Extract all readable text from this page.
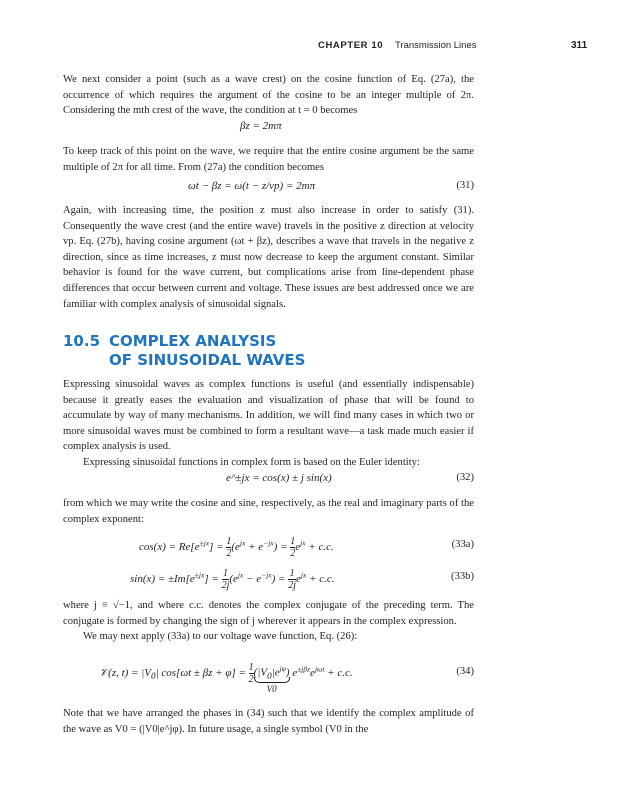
CHAPTER 10 Transmission Lines	311

We next consider a point (such as a wave crest) on the cosine function of Eq. (27a), the occurrence of which requires the argument of the cosine to be an integer multiple of 2π. Considering the mth crest of the wave, the condition at t = 0 becomes

βz = 2mπ

To keep track of this point on the wave, we require that the entire cosine argument be the same multiple of 2π for all time. From (27a) the condition becomes

ωt − βz = ω(t − z/vp) = 2mπ	(31)

Again, with increasing time, the position z must also increase in order to satisfy (31). Consequently the wave crest (and the entire wave) travels in the positive z direction at velocity vp. Eq. (27b), having cosine argument (ωt + βz), describes a wave that travels in the negative z direction, since as time increases, z must now decrease to keep the argument constant. Similar behavior is found for the wave current, but complications arise from line-dependent phase differences that occur between current and voltage. These issues are best addressed once we are familiar with complex analysis of sinusoidal signals.

10.5 COMPLEX ANALYSIS
OF SINUSOIDAL WAVES

Expressing sinusoidal waves as complex functions is useful (and essentially indispensable) because it greatly eases the evaluation and visualization of phase that will be found to accumulate by way of many mechanisms. In addition, we will find many cases in which two or more sinusoidal waves must be combined to form a resultant wave—a task made much easier if complex analysis is used.

Expressing sinusoidal functions in complex form is based on the Euler identity:

e^±jx = cos(x) ± j sin(x)	(32)

from which we may write the cosine and sine, respectively, as the real and imaginary parts of the complex exponent:

$\cos(x) = Re[e^{\pm jx}] = \frac{1}{2} (e^{jx} + e^{-jx}) = \frac{1}{2} e^{jx} + c.c$.	(33a)
$\sin(x) = \pm Im[e^{\pm jx}] = \frac{1}{2j} (e^{jx} - e^{-jx}) = \frac{1}{2j} e^{jx} + c.c$.	(33b)

where j ≡ √−1, and where c.c. denotes the complex conjugate of the preceding term. The conjugate is formed by changing the sign of j wherever it appears in the complex expression.

We may next apply (33a) to our voltage wave function, Eq. (26):

𝒱(z, $t) = |V_0|$ $\cos[\omega t \pm \beta z + \varphi] = \frac{1}{2} (|V_0|e^{j\varphi})$
V0
$e^{\pm j\beta z}e^{j\omega t} + c.c$.	(34)

Note that we have arranged the phases in (34) such that we identify the complex amplitude of the wave as V0 = (|V0|e^jφ). In future usage, a single symbol (V0 in the
